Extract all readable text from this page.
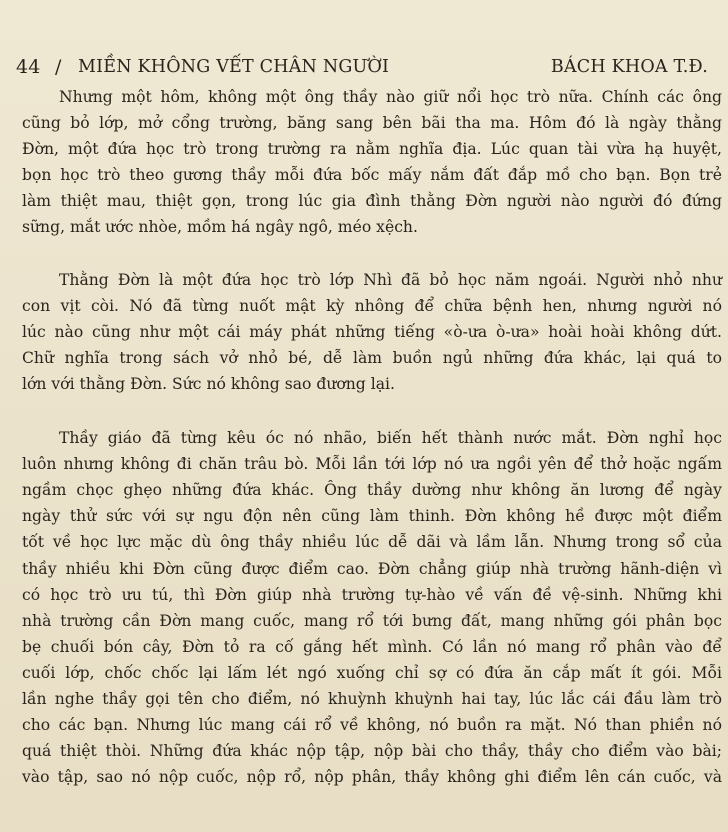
44 / MIỀN KHÔNG VẾT CHÂN NGƯỜI	BÁCH KHOA T.Đ.
Nhưng một hôm, không một ông thầy nào giữ nổi học trò nữa. Chính các ông
cũng bỏ lớp, mở cổng trường, băng sang bên bãi tha ma. Hôm đó là ngày thằng
Đờn, một đứa học trò trong trường ra nằm nghĩa địa. Lúc quan tài vừa hạ huyệt,
bọn học trò theo gương thầy mỗi đứa bốc mấy nắm đất đắp mồ cho bạn. Bọn trẻ
làm thiệt mau, thiệt gọn, trong lúc gia đình thằng Đờn người nào người đó đứng
sững, mắt ước nhòe, mồm há ngây ngô, méo xệch.
Thằng Đờn là một đứa học trò lớp Nhì đã bỏ học năm ngoái. Người nhỏ như
con vịt còi. Nó đã từng nuốt mật kỳ nhông để chữa bệnh hen, nhưng người nó
lúc nào cũng như một cái máy phát những tiếng «ò-ưa ò-ưa» hoài hoài không dứt.
Chữ nghĩa trong sách vở nhỏ bé, dễ làm buồn ngủ những đứa khác, lại quá to
lớn với thằng Đờn. Sức nó không sao đương lại.
Thầy giáo đã từng kêu óc nó nhão, biến hết thành nước mắt. Đờn nghỉ học
luôn nhưng không đi chăn trâu bò. Mỗi lần tới lớp nó ưa ngồi yên để thở hoặc ngấm
ngầm chọc ghẹo những đứa khác. Ông thầy dường như không ăn lương để ngày
ngày thử sức với sự ngu độn nên cũng làm thinh. Đờn không hề được một điểm
tốt về học lực mặc dù ông thầy nhiều lúc dễ dãi và lầm lẫn. Nhưng trong sổ của
thầy nhiều khi Đờn cũng được điểm cao. Đờn chẳng giúp nhà trường hãnh-diện vì
có học trò ưu tú, thì Đờn giúp nhà trường tự-hào về vấn đề vệ-sinh. Những khi
nhà trường cần Đờn mang cuốc, mang rổ tới bưng đất, mang những gói phân bọc
bẹ chuối bón cây, Đờn tỏ ra cố gắng hết mình. Có lần nó mang rổ phân vào để
cuối lớp, chốc chốc lại lấm lét ngó xuống chỉ sợ có đứa ăn cắp mất ít gói. Mỗi
lần nghe thầy gọi tên cho điểm, nó khuỳnh khuỳnh hai tay, lúc lắc cái đầu làm trò
cho các bạn. Nhưng lúc mang cái rổ về không, nó buồn ra mặt. Nó than phiền nó
quá thiệt thòi. Những đứa khác nộp tập, nộp bài cho thầy, thầy cho điểm vào bài;
vào tập, sao nó nộp cuốc, nộp rổ, nộp phân, thầy không ghi điểm lên cán cuốc, và
